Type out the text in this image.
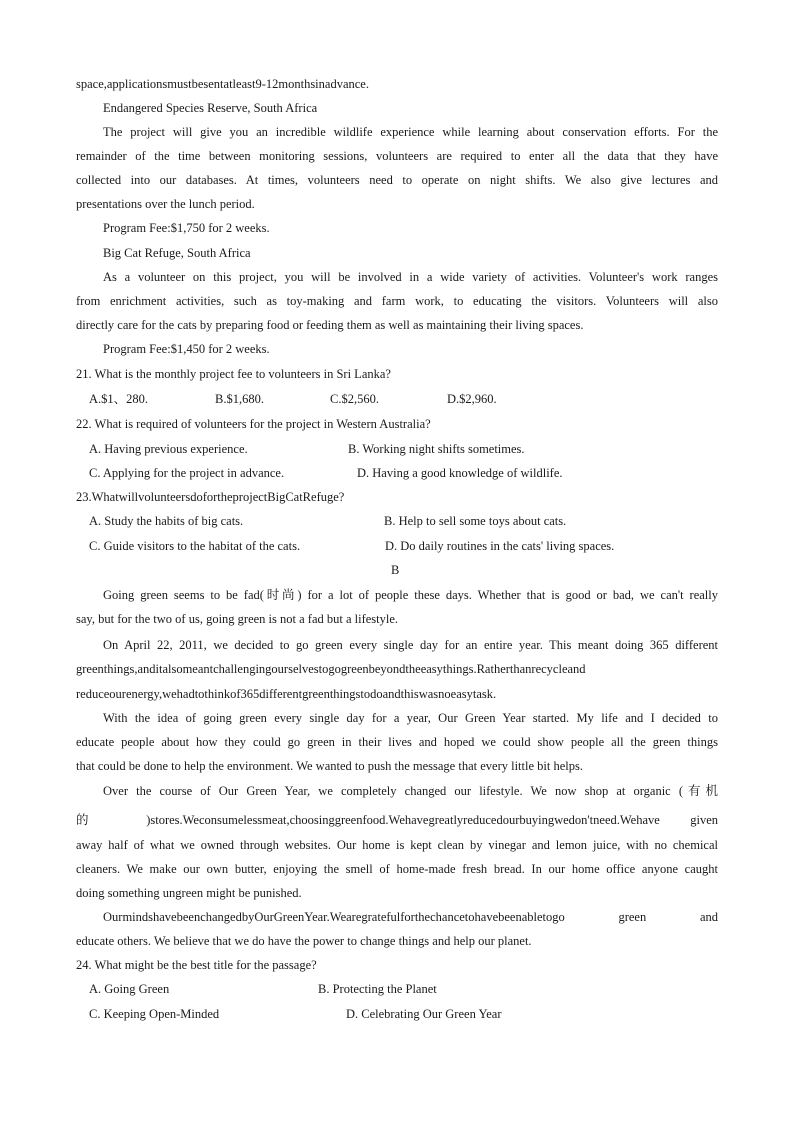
space,applicationsmustbesentatleast9-12monthsinadvance.
Endangered Species Reserve, South Africa
The project will give you an incredible wildlife experience while learning about conservation efforts. For the
remainder of the time between monitoring sessions, volunteers are required to enter all the data that they have
collected into our databases. At times, volunteers need to operate on night shifts. We also give lectures and
presentations over the lunch period.
Program Fee:$1,750 for 2 weeks.
Big Cat Refuge, South Africa
As a volunteer on this project, you will be involved in a wide variety of activities. Volunteer's work ranges
from enrichment activities, such as toy-making and farm work, to educating the visitors. Volunteers will also
directly care for the cats by preparing food or feeding them as well as maintaining their living spaces.
Program Fee:$1,450 for 2 weeks.
21. What is the monthly project fee to volunteers in Sri Lanka?
A.$1、280.	B.$1,680.	C.$2,560.	D.$2,960.
22. What is required of volunteers for the project in Western Australia?
A. Having previous experience.	B. Working night shifts sometimes.
C. Applying for the project in advance.	D. Having a good knowledge of wildlife.
23.WhatwillvolunteersdofortheprojectBigCatRefuge?
A. Study the habits of big cats.	B. Help to sell some toys about cats.
C. Guide visitors to the habitat of the cats.	D. Do daily routines in the cats' living spaces.
B
Going green seems to be fad(时尚) for a lot of people these days. Whether that is good or bad, we can't really
say, but for the two of us, going green is not a fad but a lifestyle.
On April 22, 2011, we decided to go green every single day for an entire year. This meant doing 365 different
greenthings,anditalsomeantchallengingourselvestogogreenbeyondtheeasythings.Ratherthanrecycleand
reduceourenergy,wehadtothinkof365differentgreenthingstodoandthiswasnoeasytask.
With the idea of going green every single day for a year, Our Green Year started. My life and I decided to
educate people about how they could go green in their lives and hoped we could show people all the green things
that could be done to help the environment. We wanted to push the message that every little bit helps.
Over the course of Our Green Year, we completely changed our lifestyle. We now shop at organic (有机
的 )stores.Weconsumelessmeat,choosinggreenfood.Wehavegreatlyreducedourbuyingwedon'tneed.Wehave given
away half of what we owned through websites. Our home is kept clean by vinegar and lemon juice, with no chemical
cleaners. We make our own butter, enjoying the smell of home-made fresh bread. In our home office anyone caught
doing something ungreen might be punished.
OurmindshavebeenchangedbyOurGreenYear.Wearegratefulforthechancetohavebeenabletogo green and
educate others. We believe that we do have the power to change things and help our planet.
24. What might be the best title for the passage?
A. Going Green	B. Protecting the Planet
C. Keeping Open-Minded	D. Celebrating Our Green Year
